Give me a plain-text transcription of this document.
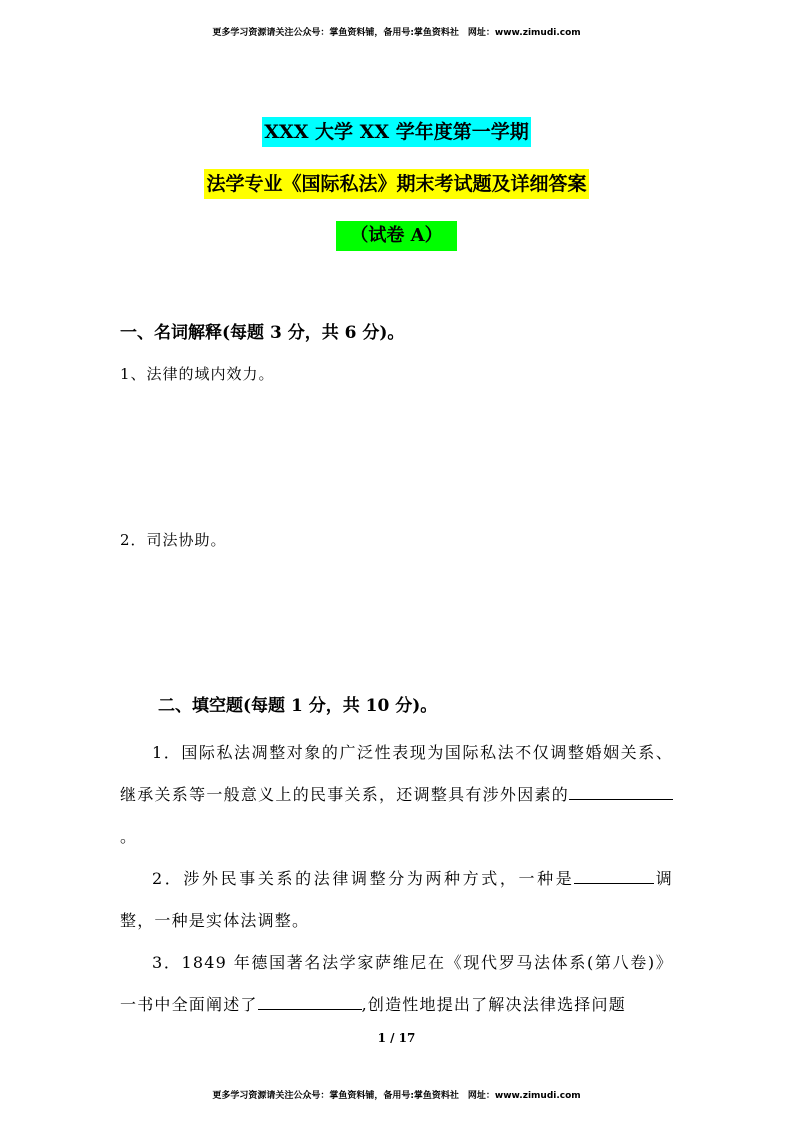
更多学习资源请关注公众号：掌鱼资料铺，备用号:掌鱼资料社　网址：www.zimudi.com
XXX 大学 XX 学年度第一学期
法学专业《国际私法》期末考试题及详细答案
（试卷 A）
一、名词解释(每题 3 分，共 6 分)。
1、法律的域内效力。
2．司法协助。
二、填空题(每题 1 分，共 10 分)。

1．国际私法凋整对象的广泛性表现为国际私法不仅调整婚姻关系、继承关系等一般意义上的民事关系，还调整具有涉外因素的。

2．涉外民事关系的法律调整分为两种方式，一种是	调整，一种是实体法调整。

3．1849 年德国著名法学家萨维尼在《现代罗马法体系(第八卷)》一书中全面阐述了	,创造性地提出了解决法律选择问题

1 / 17
更多学习资源请关注公众号：掌鱼资料铺，备用号:掌鱼资料社　网址：www.zimudi.com
